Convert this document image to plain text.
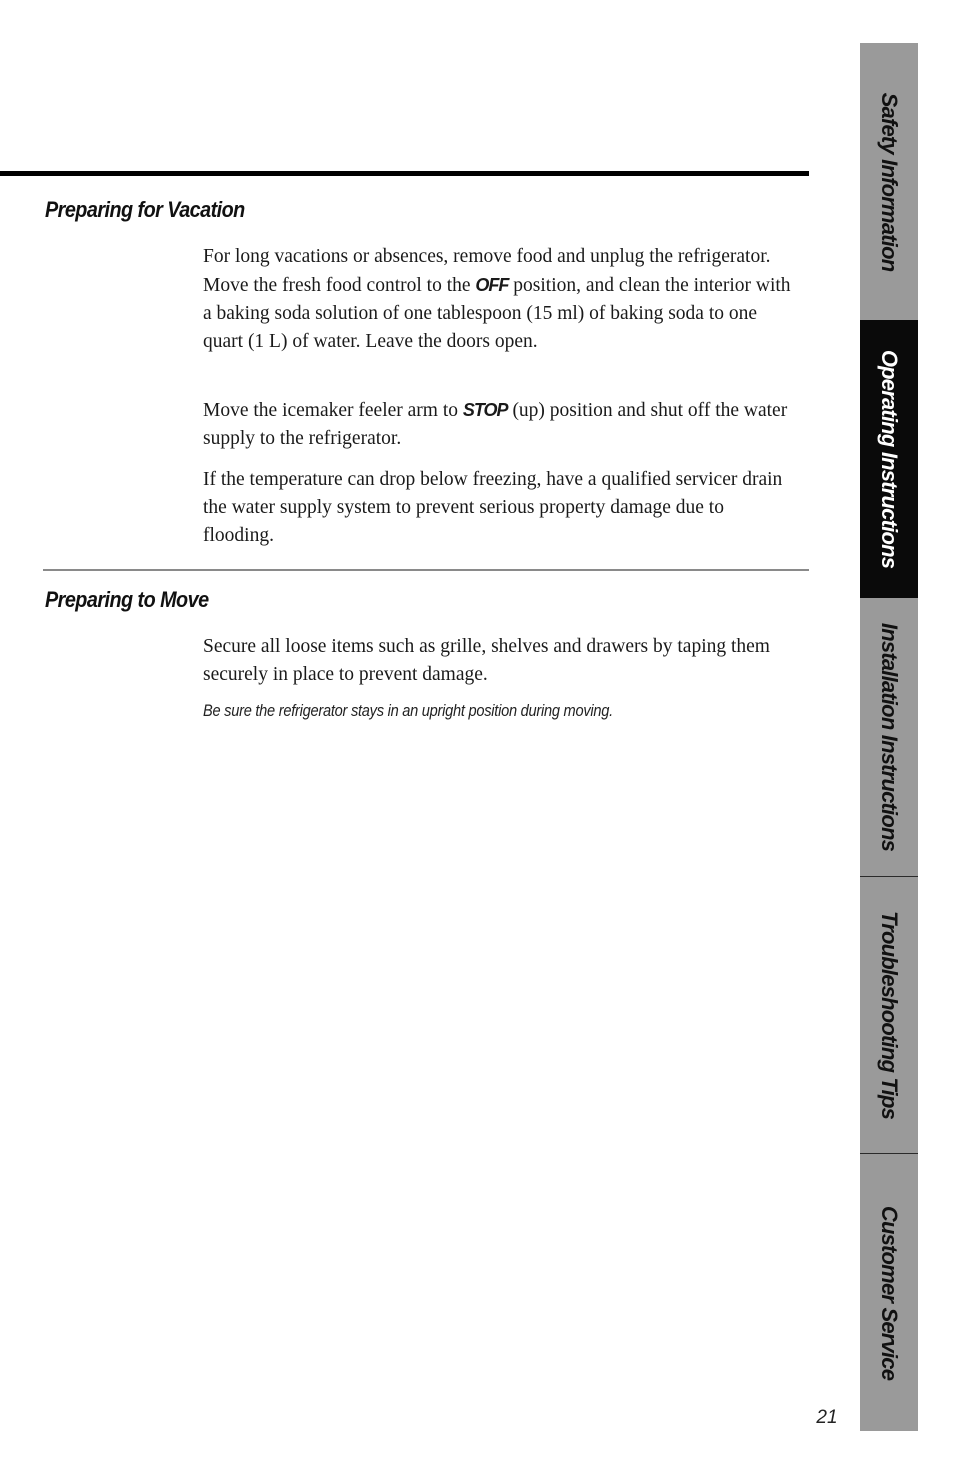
Preparing for Vacation

For long vacations or absences, remove food and unplug the refrigerator. Move the fresh food control to the OFF position, and clean the interior with a baking soda solution of one tablespoon (15 ml) of baking soda to one quart (1 L) of water. Leave the doors open.

Move the icemaker feeler arm to STOP (up) position and shut off the water supply to the refrigerator.

If the temperature can drop below freezing, have a qualified servicer drain the water supply system to prevent serious property damage due to flooding.

Preparing to Move

Secure all loose items such as grille, shelves and drawers by taping them securely in place to prevent damage.

Be sure the refrigerator stays in an upright position during moving.

Safety Information
Operating Instructions
Installation Instructions
Troubleshooting Tips
Customer Service
21
